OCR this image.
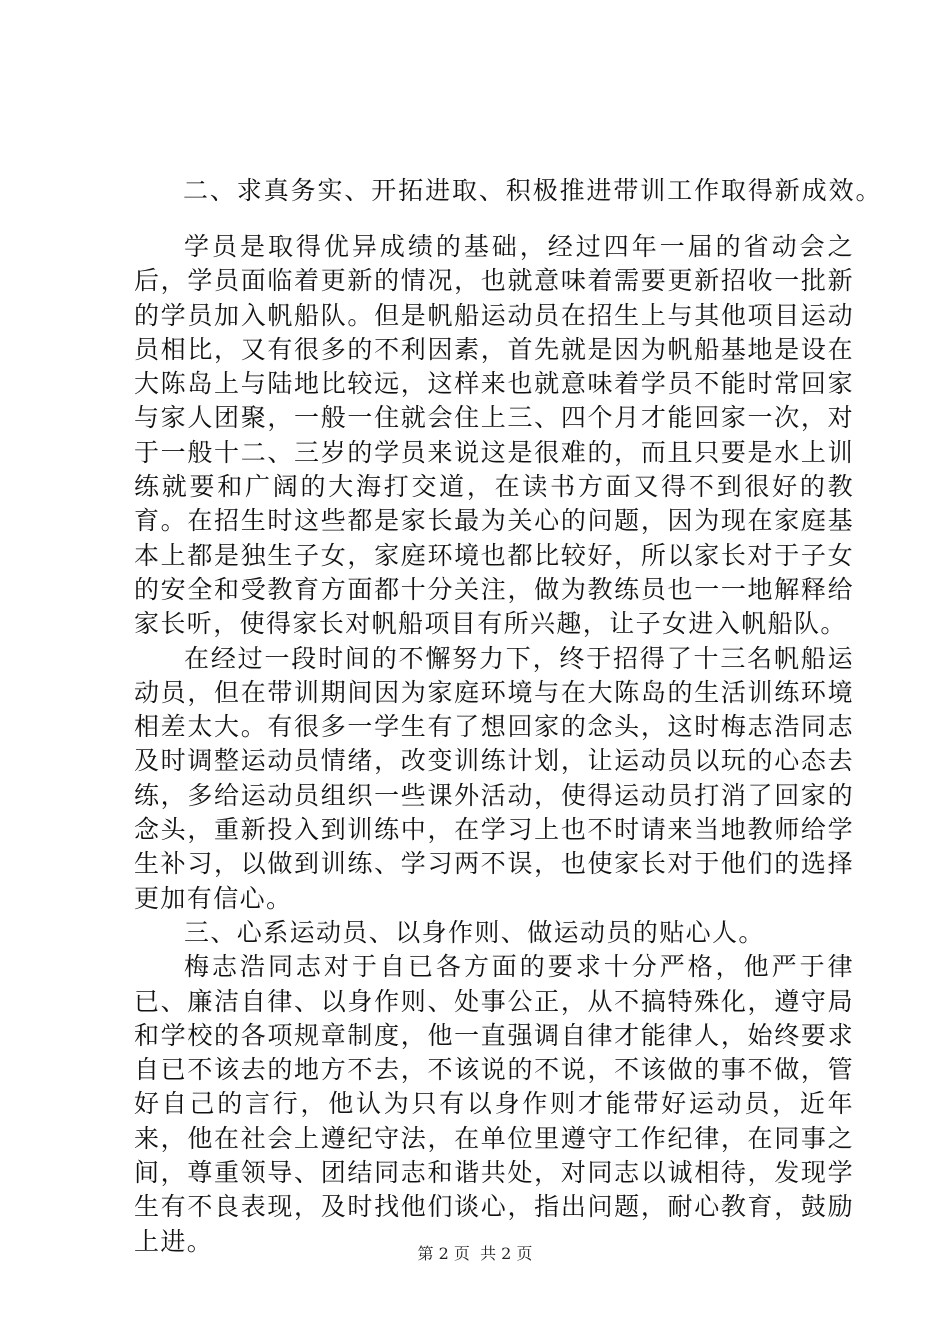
二、求真务实、开拓进取、积极推进带训工作取得新成效。

学员是取得优异成绩的基础，经过四年一届的省动会之后，学员面临着更新的情况，也就意味着需要更新招收一批新的学员加入帆船队。但是帆船运动员在招生上与其他项目运动员相比，又有很多的不利因素，首先就是因为帆船基地是设在大陈岛上与陆地比较远，这样来也就意味着学员不能时常回家与家人团聚，一般一住就会住上三、四个月才能回家一次，对于一般十二、三岁的学员来说这是很难的，而且只要是水上训练就要和广阔的大海打交道，在读书方面又得不到很好的教育。在招生时这些都是家长最为关心的问题，因为现在家庭基本上都是独生子女，家庭环境也都比较好，所以家长对于子女的安全和受教育方面都十分关注，做为教练员也一一地解释给家长听，使得家长对帆船项目有所兴趣，让子女进入帆船队。

在经过一段时间的不懈努力下，终于招得了十三名帆船运动员，但在带训期间因为家庭环境与在大陈岛的生活训练环境相差太大。有很多一学生有了想回家的念头，这时梅志浩同志及时调整运动员情绪，改变训练计划，让运动员以玩的心态去练，多给运动员组织一些课外活动，使得运动员打消了回家的念头，重新投入到训练中，在学习上也不时请来当地教师给学生补习，以做到训练、学习两不误，也使家长对于他们的选择更加有信心。

三、心系运动员、以身作则、做运动员的贴心人。

梅志浩同志对于自已各方面的要求十分严格，他严于律已、廉洁自律、以身作则、处事公正，从不搞特殊化，遵守局和学校的各项规章制度，他一直强调自律才能律人，始终要求自已不该去的地方不去，不该说的不说，不该做的事不做，管好自己的言行，他认为只有以身作则才能带好运动员，近年来，他在社会上遵纪守法，在单位里遵守工作纪律，在同事之间，尊重领导、团结同志和谐共处，对同志以诚相待，发现学生有不良表现，及时找他们谈心，指出问题，耐心教育，鼓励上进。	第 2 页  共 2 页
